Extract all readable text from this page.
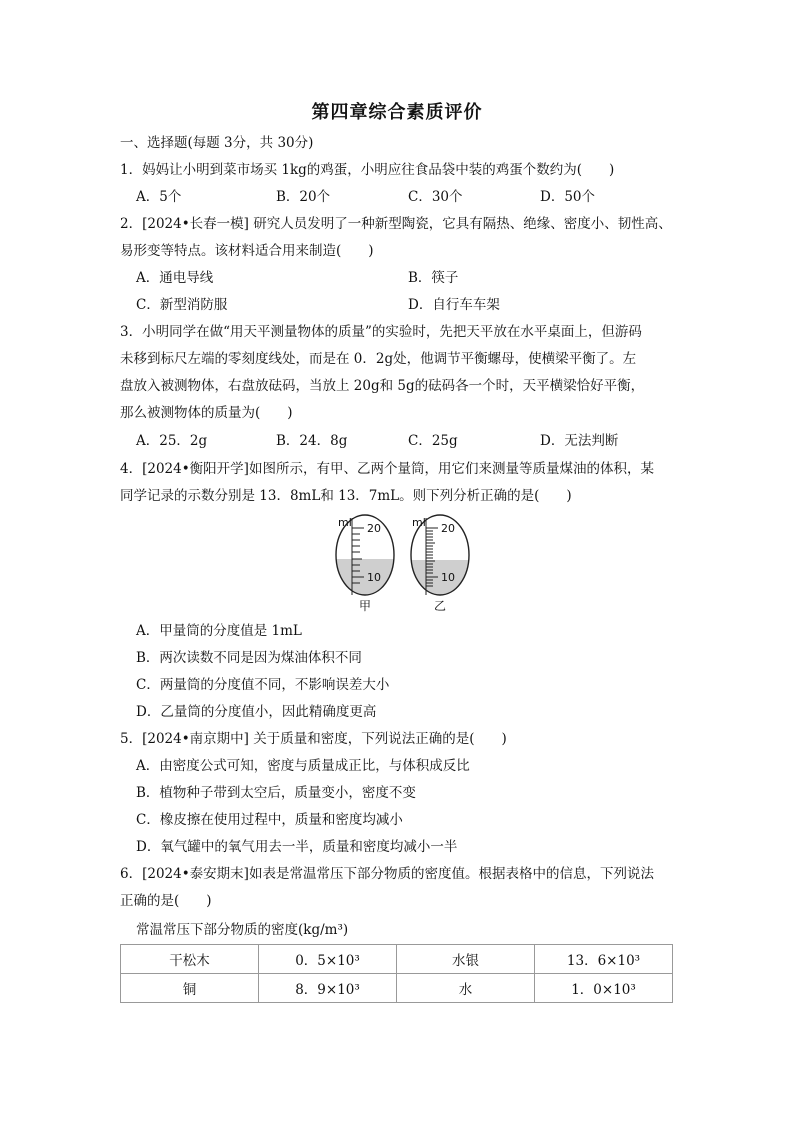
第四章综合素质评价
一、选择题(每题 3分，共 30分)
1．妈妈让小明到菜市场买 1kg的鸡蛋，小明应往食品袋中装的鸡蛋个数约为(　　)
A．5个	B．20个	C．30个	D．50个
2．[2024•长春一模] 研究人员发明了一种新型陶瓷，它具有隔热、绝缘、密度小、韧性高、
易形变等特点。该材料适合用来制造(　　)
A．通电导线	B．筷子
C．新型消防服	D．自行车车架
3．小明同学在做“用天平测量物体的质量”的实验时，先把天平放在水平桌面上，但游码
未移到标尺左端的零刻度线处，而是在 0．2g处，他调节平衡螺母，使横梁平衡了。左
盘放入被测物体，右盘放砝码，当放上 20g和 5g的砝码各一个时，天平横梁恰好平衡，
那么被测物体的质量为(　　)
A．25．2g	B．24．8g	C．25g	D．无法判断
4．[2024•衡阳开学]如图所示，有甲、乙两个量筒，用它们来测量等质量煤油的体积，某
同学记录的示数分别是 13．8mL和 13．7mL。则下列分析正确的是(　　)
ml 20
10
ml 20
10
甲	乙
A．甲量筒的分度值是 1mL
B．两次读数不同是因为煤油体积不同
C．两量筒的分度值不同，不影响误差大小
D．乙量筒的分度值小，因此精确度更高
5．[2024•南京期中] 关于质量和密度，下列说法正确的是(　　)
A．由密度公式可知，密度与质量成正比，与体积成反比
B．植物种子带到太空后，质量变小，密度不变
C．橡皮擦在使用过程中，质量和密度均减小
D．氧气罐中的氧气用去一半，质量和密度均减小一半
6．[2024•泰安期末]如表是常温常压下部分物质的密度值。根据表格中的信息，下列说法
正确的是(　　)
常温常压下部分物质的密度(kg/m³)
干松木	0．5×10³	水银	13．6×10³
铜	8．9×10³	水	1．0×10³
